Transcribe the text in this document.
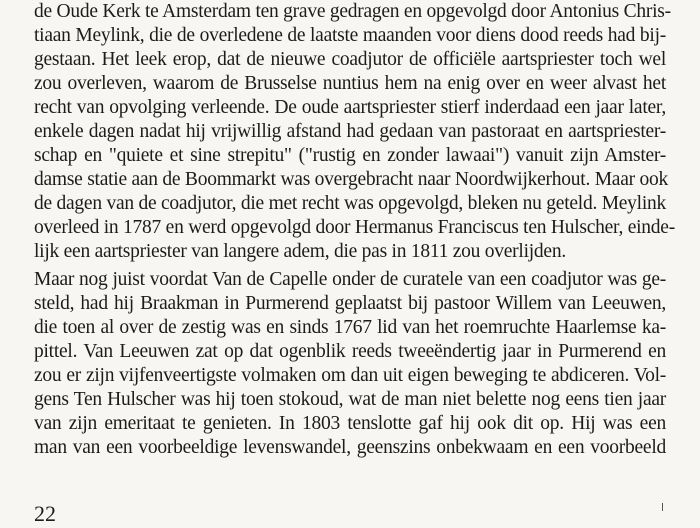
de Oude Kerk te Amsterdam ten grave gedragen en opgevolgd door Antonius Chris-
tiaan Meylink, die de overledene de laatste maanden voor diens dood reeds had bij-
gestaan. Het leek erop, dat de nieuwe coadjutor de officiële aartspriester toch wel
zou overleven, waarom de Brusselse nuntius hem na enig over en weer alvast het
recht van opvolging verleende. De oude aartspriester stierf inderdaad een jaar later,
enkele dagen nadat hij vrijwillig afstand had gedaan van pastoraat en aartspriester-
schap en "quiete et sine strepitu" ("rustig en zonder lawaai") vanuit zijn Amster-
damse statie aan de Boommarkt was overgebracht naar Noordwijkerhout. Maar ook
de dagen van de coadjutor, die met recht was opgevolgd, bleken nu geteld. Meylink
overleed in 1787 en werd opgevolgd door Hermanus Franciscus ten Hulscher, einde-
lijk een aartspriester van langere adem, die pas in 1811 zou overlijden.
Maar nog juist voordat Van de Capelle onder de curatele van een coadjutor was ge-
steld, had hij Braakman in Purmerend geplaatst bij pastoor Willem van Leeuwen,
die toen al over de zestig was en sinds 1767 lid van het roemruchte Haarlemse ka-
pittel. Van Leeuwen zat op dat ogenblik reeds tweeëndertig jaar in Purmerend en
zou er zijn vijfenveertigste volmaken om dan uit eigen beweging te abdiceren. Vol-
gens Ten Hulscher was hij toen stokoud, wat de man niet belette nog eens tien jaar
van zijn emeritaat te genieten. In 1803 tenslotte gaf hij ook dit op. Hij was een
man van een voorbeeldige levenswandel, geenszins onbekwaam en een voorbeeld
22
